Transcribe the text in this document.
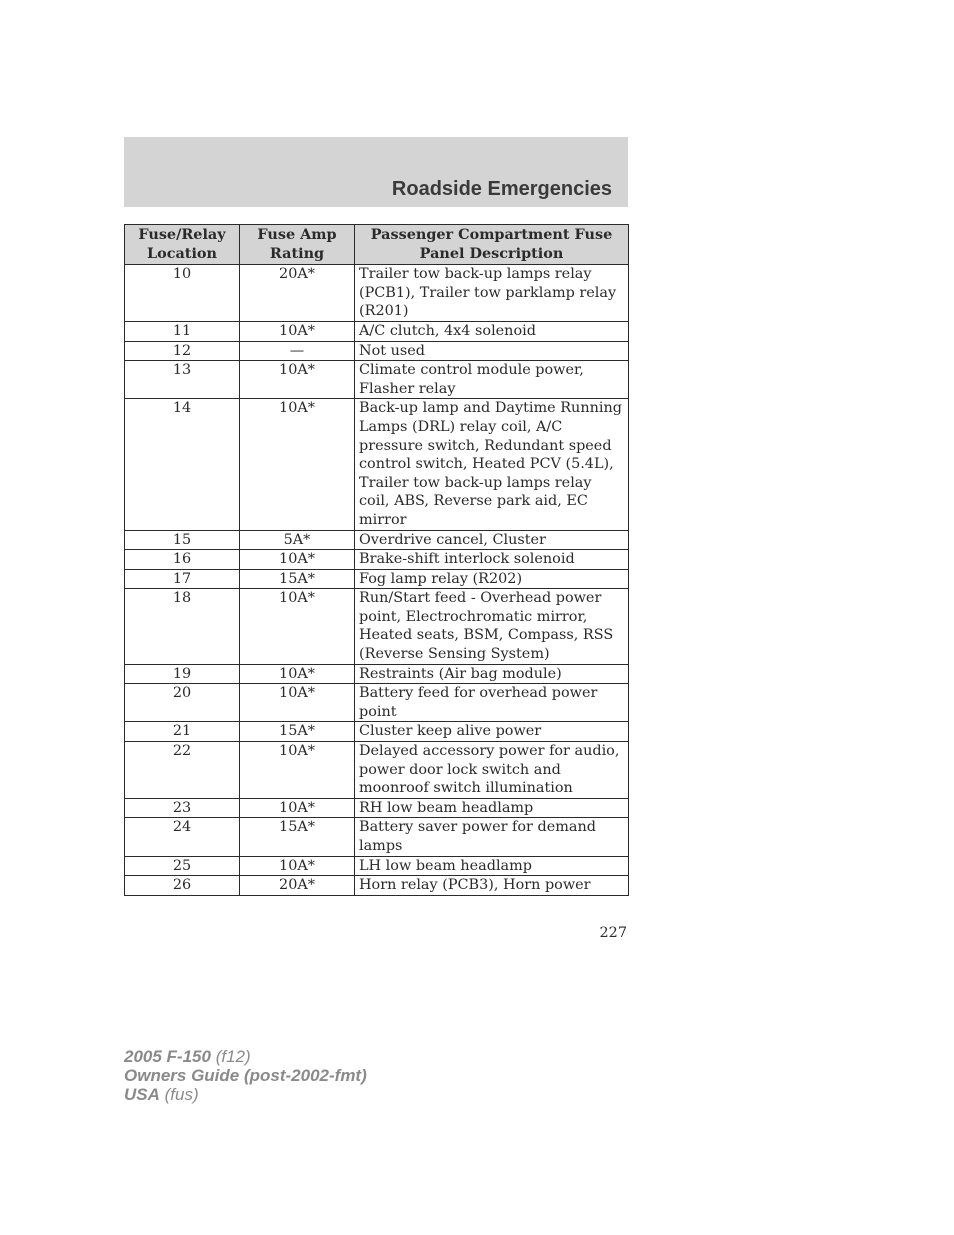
Roadside Emergencies
Fuse/Relay Location	Fuse Amp Rating	Passenger Compartment Fuse Panel Description
10	20A*	Trailer tow back-up lamps relay (PCB1), Trailer tow parklamp relay (R201)
11	10A*	A/C clutch, 4x4 solenoid
12	—	Not used
13	10A*	Climate control module power, Flasher relay
14	10A*	Back-up lamp and Daytime Running Lamps (DRL) relay coil, A/C pressure switch, Redundant speed control switch, Heated PCV (5.4L), Trailer tow back-up lamps relay coil, ABS, Reverse park aid, EC mirror
15	5A*	Overdrive cancel, Cluster
16	10A*	Brake-shift interlock solenoid
17	15A*	Fog lamp relay (R202)
18	10A*	Run/Start feed - Overhead power point, Electrochromatic mirror, Heated seats, BSM, Compass, RSS (Reverse Sensing System)
19	10A*	Restraints (Air bag module)
20	10A*	Battery feed for overhead power point
21	15A*	Cluster keep alive power
22	10A*	Delayed accessory power for audio, power door lock switch and moonroof switch illumination
23	10A*	RH low beam headlamp
24	15A*	Battery saver power for demand lamps
25	10A*	LH low beam headlamp
26	20A*	Horn relay (PCB3), Horn power
227
2005 F-150 (f12)
Owners Guide (post-2002-fmt)
USA (fus)
